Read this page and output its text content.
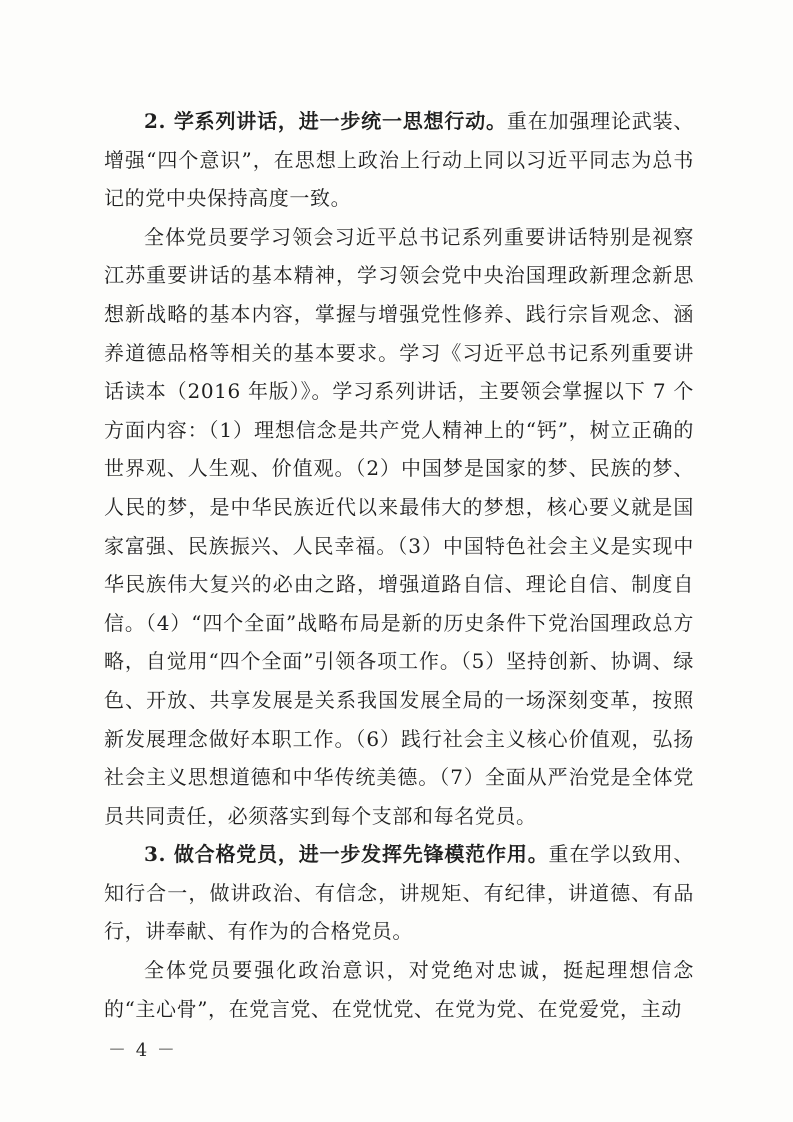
2. 学系列讲话，进一步统一思想行动。重在加强理论武装、增强“四个意识”，在思想上政治上行动上同以习近平同志为总书记的党中央保持高度一致。

全体党员要学习领会习近平总书记系列重要讲话特别是视察江苏重要讲话的基本精神，学习领会党中央治国理政新理念新思想新战略的基本内容，掌握与增强党性修养、践行宗旨观念、涵养道德品格等相关的基本要求。学习《习近平总书记系列重要讲话读本（2016 年版）》。学习系列讲话，主要领会掌握以下 7 个方面内容：（1）理想信念是共产党人精神上的“钙”，树立正确的世界观、人生观、价值观。（2）中国梦是国家的梦、民族的梦、人民的梦，是中华民族近代以来最伟大的梦想，核心要义就是国家富强、民族振兴、人民幸福。（3）中国特色社会主义是实现中华民族伟大复兴的必由之路，增强道路自信、理论自信、制度自信。（4）“四个全面”战略布局是新的历史条件下党治国理政总方略，自觉用“四个全面”引领各项工作。（5）坚持创新、协调、绿色、开放、共享发展是关系我国发展全局的一场深刻变革，按照新发展理念做好本职工作。（6）践行社会主义核心价值观，弘扬社会主义思想道德和中华传统美德。（7）全面从严治党是全体党员共同责任，必须落实到每个支部和每名党员。

3. 做合格党员，进一步发挥先锋模范作用。重在学以致用、知行合一，做讲政治、有信念，讲规矩、有纪律，讲道德、有品行，讲奉献、有作为的合格党员。

全体党员要强化政治意识，对党绝对忠诚，挺起理想信念的“主心骨”，在党言党、在党忧党、在党为党、在党爱党，主动

－ 4 －
